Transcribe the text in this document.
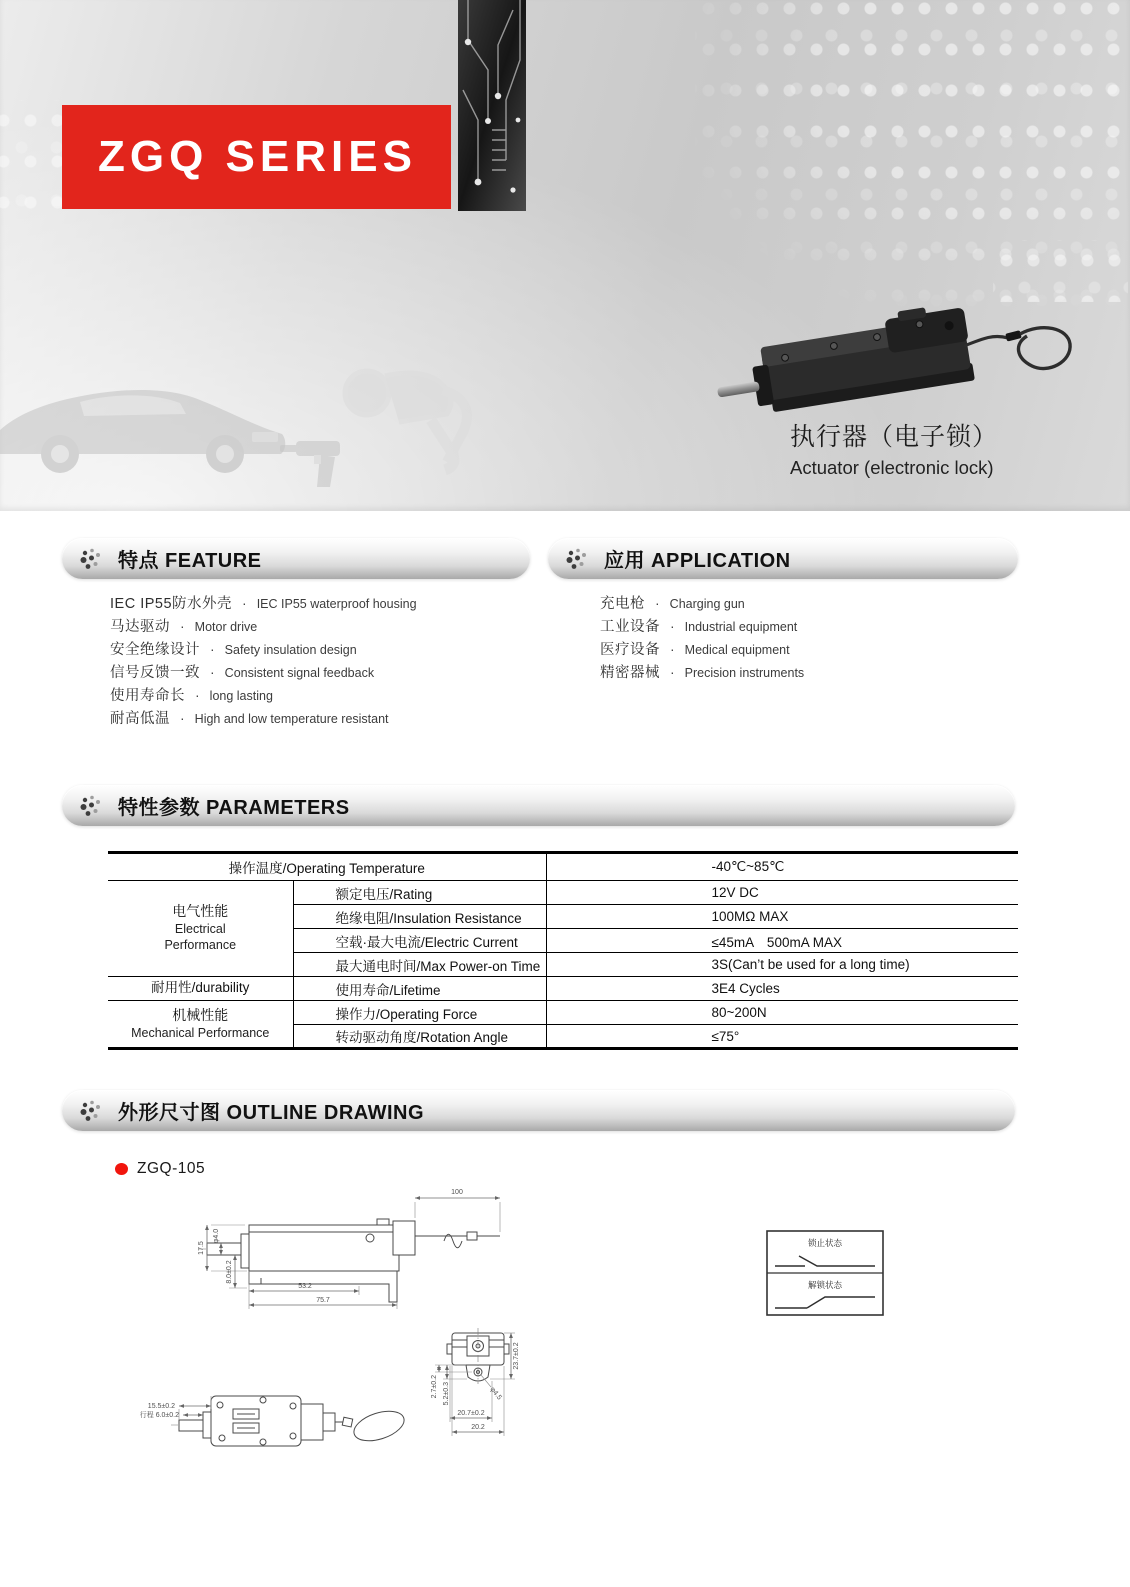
ZGQ SERIES
执行器（电子锁）
Actuator (electronic lock)
特点 FEATURE	应用 APPLICATION
IEC IP55防水外壳 · IEC IP55 waterproof housing
马达驱动 · Motor drive
安全绝缘设计 · Safety insulation design
信号反馈一致 · Consistent signal feedback
使用寿命长 · long lasting
耐高低温 · High and low temperature resistant
充电枪 · Charging gun
工业设备 · Industrial equipment
医疗设备 · Medical equipment
精密器械 · Precision instruments
特性参数 PARAMETERS
操作温度/Operating Temperature		-40℃~85℃
电气性能
Electrical
Performance	额定电压/Rating	12V DC
	绝缘电阻/Insulation Resistance	100MΩ MAX
	空载·最大电流/Electric Current	≤45mA　500mA MAX
	最大通电时间/Max Power-on Time	3S(Can’t be used for a long time)
耐用性/durability	使用寿命/Lifetime	3E4 Cycles
机械性能
Mechanical Performance	操作力/Operating Force	80~200N
	转动驱动角度/Rotation Angle	≤75°
外形尺寸图 OUTLINE DRAWING
ZGQ-105
100
17.5
φ4.0
8.0±0.2
53.2
75.7
锁止状态
解锁状态
15.5±0.2
行程 6.0±0.2
2.7±0.2 5.2±0.3
23.7±0.2
φ4.5
20.7±0.2
20.2
